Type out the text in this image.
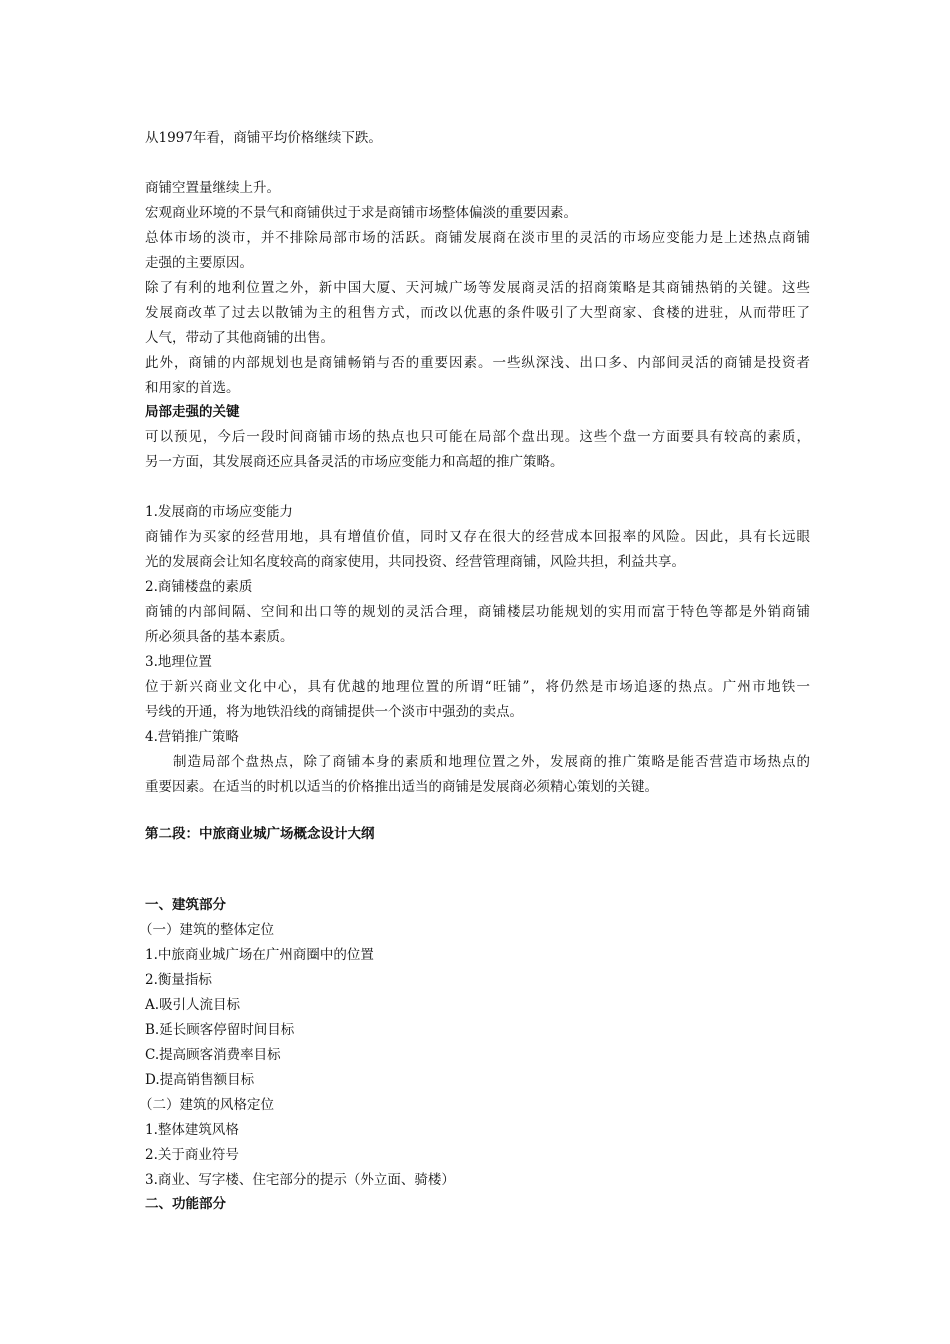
从1997年看，商铺平均价格继续下跌。
商铺空置量继续上升。
宏观商业环境的不景气和商铺供过于求是商铺市场整体偏淡的重要因素。
总体市场的淡市，并不排除局部市场的活跃。商铺发展商在淡市里的灵活的市场应变能力是上述热点商铺
走强的主要原因。
除了有利的地利位置之外，新中国大厦、天河城广场等发展商灵活的招商策略是其商铺热销的关键。这些
发展商改革了过去以散铺为主的租售方式，而改以优惠的条件吸引了大型商家、食楼的进驻，从而带旺了
人气，带动了其他商铺的出售。
此外，商铺的内部规划也是商铺畅销与否的重要因素。一些纵深浅、出口多、内部间灵活的商铺是投资者
和用家的首选。
局部走强的关键
可以预见，今后一段时间商铺市场的热点也只可能在局部个盘出现。这些个盘一方面要具有较高的素质，
另一方面，其发展商还应具备灵活的市场应变能力和高超的推广策略。
1.发展商的市场应变能力
商铺作为买家的经营用地，具有增值价值，同时又存在很大的经营成本回报率的风险。因此，具有长远眼
光的发展商会让知名度较高的商家使用，共同投资、经营管理商铺，风险共担，利益共享。
2.商铺楼盘的素质
商铺的内部间隔、空间和出口等的规划的灵活合理，商铺楼层功能规划的实用而富于特色等都是外销商铺
所必须具备的基本素质。
3.地理位置
位于新兴商业文化中心，具有优越的地理位置的所谓“旺铺”，将仍然是市场追逐的热点。广州市地铁一
号线的开通，将为地铁沿线的商铺提供一个淡市中强劲的卖点。
4.营销推广策略
制造局部个盘热点，除了商铺本身的素质和地理位置之外，发展商的推广策略是能否营造市场热点的
重要因素。在适当的时机以适当的价格推出适当的商铺是发展商必须精心策划的关键。
第二段：中旅商业城广场概念设计大纲
一、建筑部分
（一）建筑的整体定位
1.中旅商业城广场在广州商圈中的位置
2.衡量指标
A.吸引人流目标
B.延长顾客停留时间目标
C.提高顾客消费率目标
D.提高销售额目标
（二）建筑的风格定位
1.整体建筑风格
2.关于商业符号
3.商业、写字楼、住宅部分的提示（外立面、骑楼）
二、功能部分
